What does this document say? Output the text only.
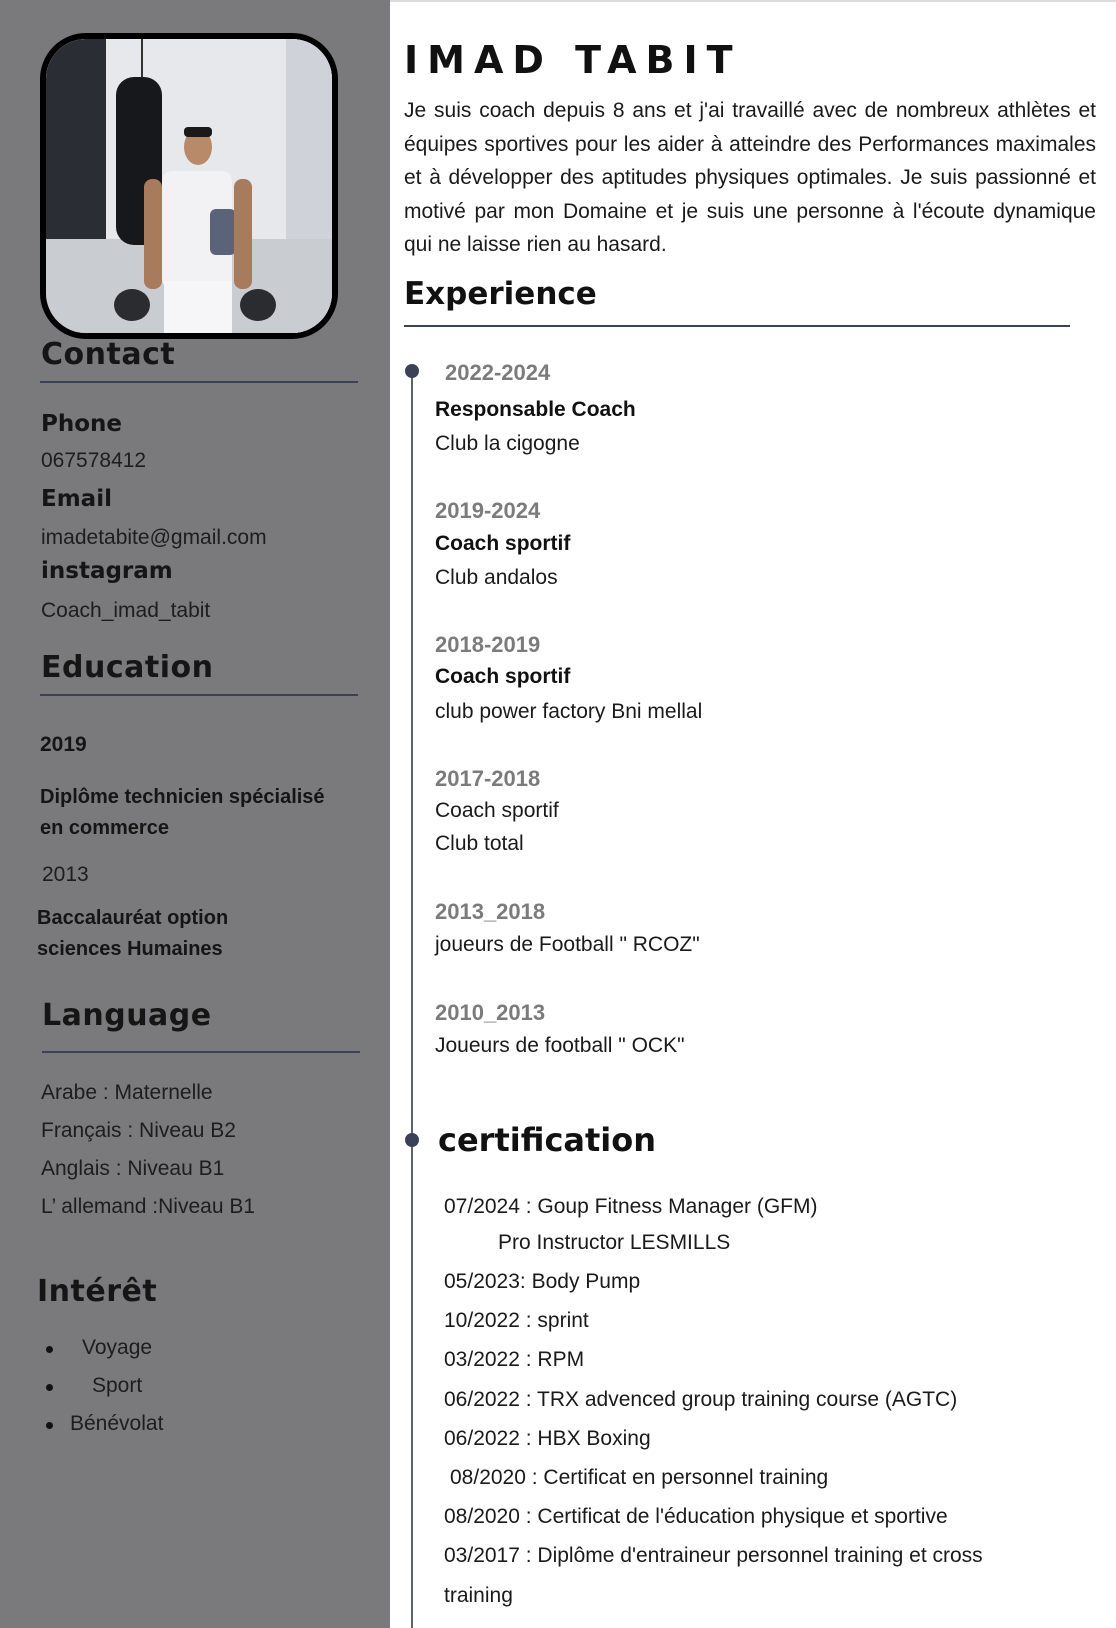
Contact
Phone
067578412
Email
imadetabite@gmail.com
instagram
Coach_imad_tabit
Education
2019
Diplôme technicien spécialisé
en commerce
2013
Baccalauréat option
sciences Humaines
Language
Arabe : Maternelle
Français : Niveau B2
Anglais : Niveau B1
L’ allemand :Niveau B1
Intérêt
Voyage
Sport
Bénévolat
IMAD TABIT
Je suis coach depuis 8 ans et j'ai travaillé avec de nombreux athlètes et équipes sportives pour les aider à atteindre des Performances maximales et à développer des aptitudes physiques optimales. Je suis passionné et motivé par mon Domaine et je suis une personne à l'écoute dynamique qui ne laisse rien au hasard.
Experience
2022-2024
Responsable Coach
Club la cigogne
2019-2024
Coach sportif
Club andalos
2018-2019
Coach sportif
club power factory Bni mellal
2017-2018
Coach sportif
Club total
2013_2018
joueurs de Football " RCOZ"
2010_2013
Joueurs de football " OCK"
certification
07/2024 : Goup Fitness Manager (GFM)
Pro Instructor LESMILLS
05/2023: Body Pump
10/2022 : sprint
03/2022 : RPM
06/2022 : TRX advenced group training course (AGTC)
06/2022 : HBX Boxing
08/2020 : Certificat en personnel training
08/2020 : Certificat de l'éducation physique et sportive
03/2017 : Diplôme d'entraineur personnel training et cross
training
